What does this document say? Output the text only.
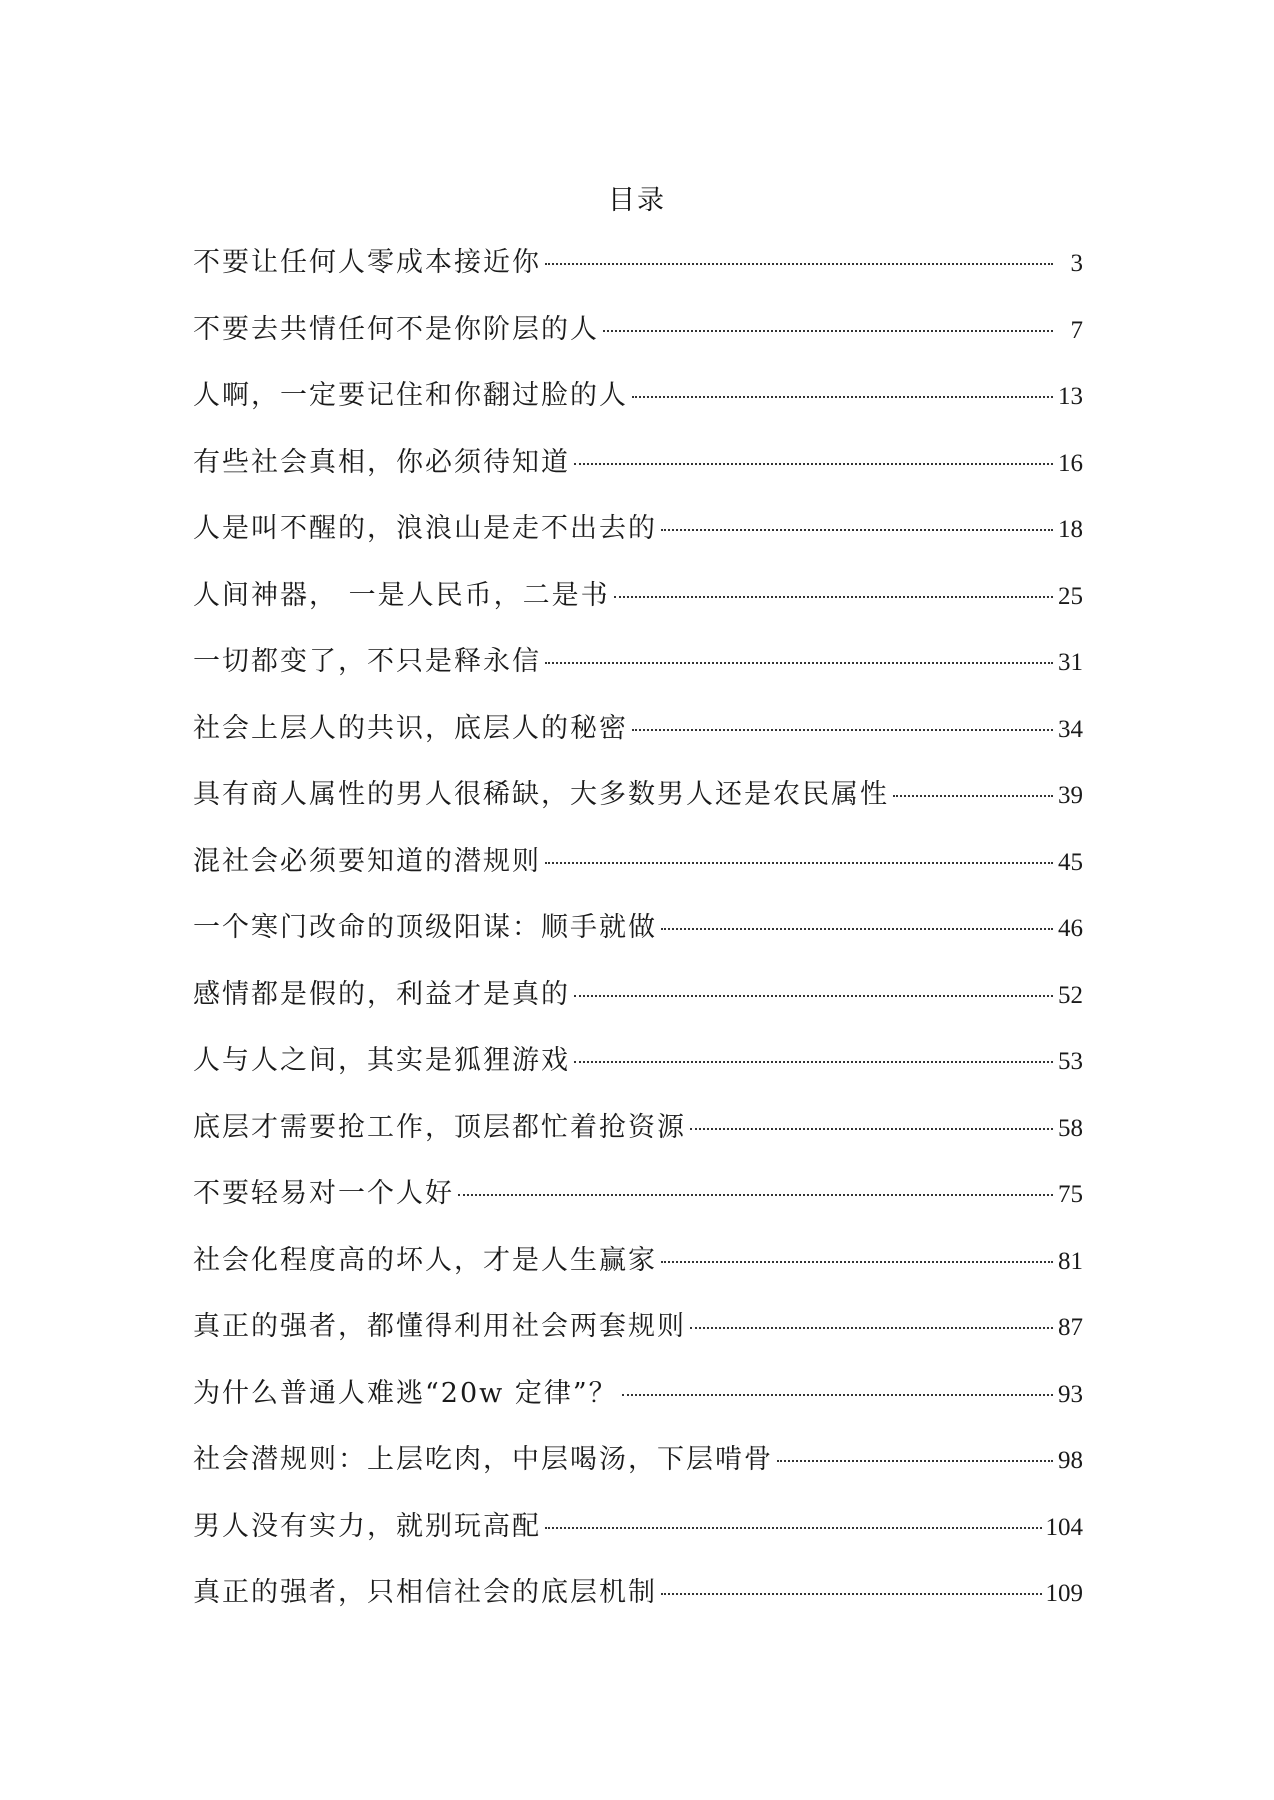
目录
不要让任何人零成本接近你	3
不要去共情任何不是你阶层的人	7
人啊，一定要记住和你翻过脸的人	13
有些社会真相，你必须待知道	16
人是叫不醒的，浪浪山是走不出去的	18
人间神器， 一是人民币，二是书	25
一切都变了，不只是释永信	31
社会上层人的共识，底层人的秘密	34
具有商人属性的男人很稀缺，大多数男人还是农民属性	39
混社会必须要知道的潜规则	45
一个寒门改命的顶级阳谋：顺手就做	46
感情都是假的，利益才是真的	52
人与人之间，其实是狐狸游戏	53
底层才需要抢工作，顶层都忙着抢资源	58
不要轻易对一个人好	75
社会化程度高的坏人，才是人生赢家	81
真正的强者，都懂得利用社会两套规则	87
为什么普通人难逃“20w 定律”？	93
社会潜规则：上层吃肉，中层喝汤，下层啃骨	98
男人没有实力，就别玩高配	104
真正的强者，只相信社会的底层机制	109
